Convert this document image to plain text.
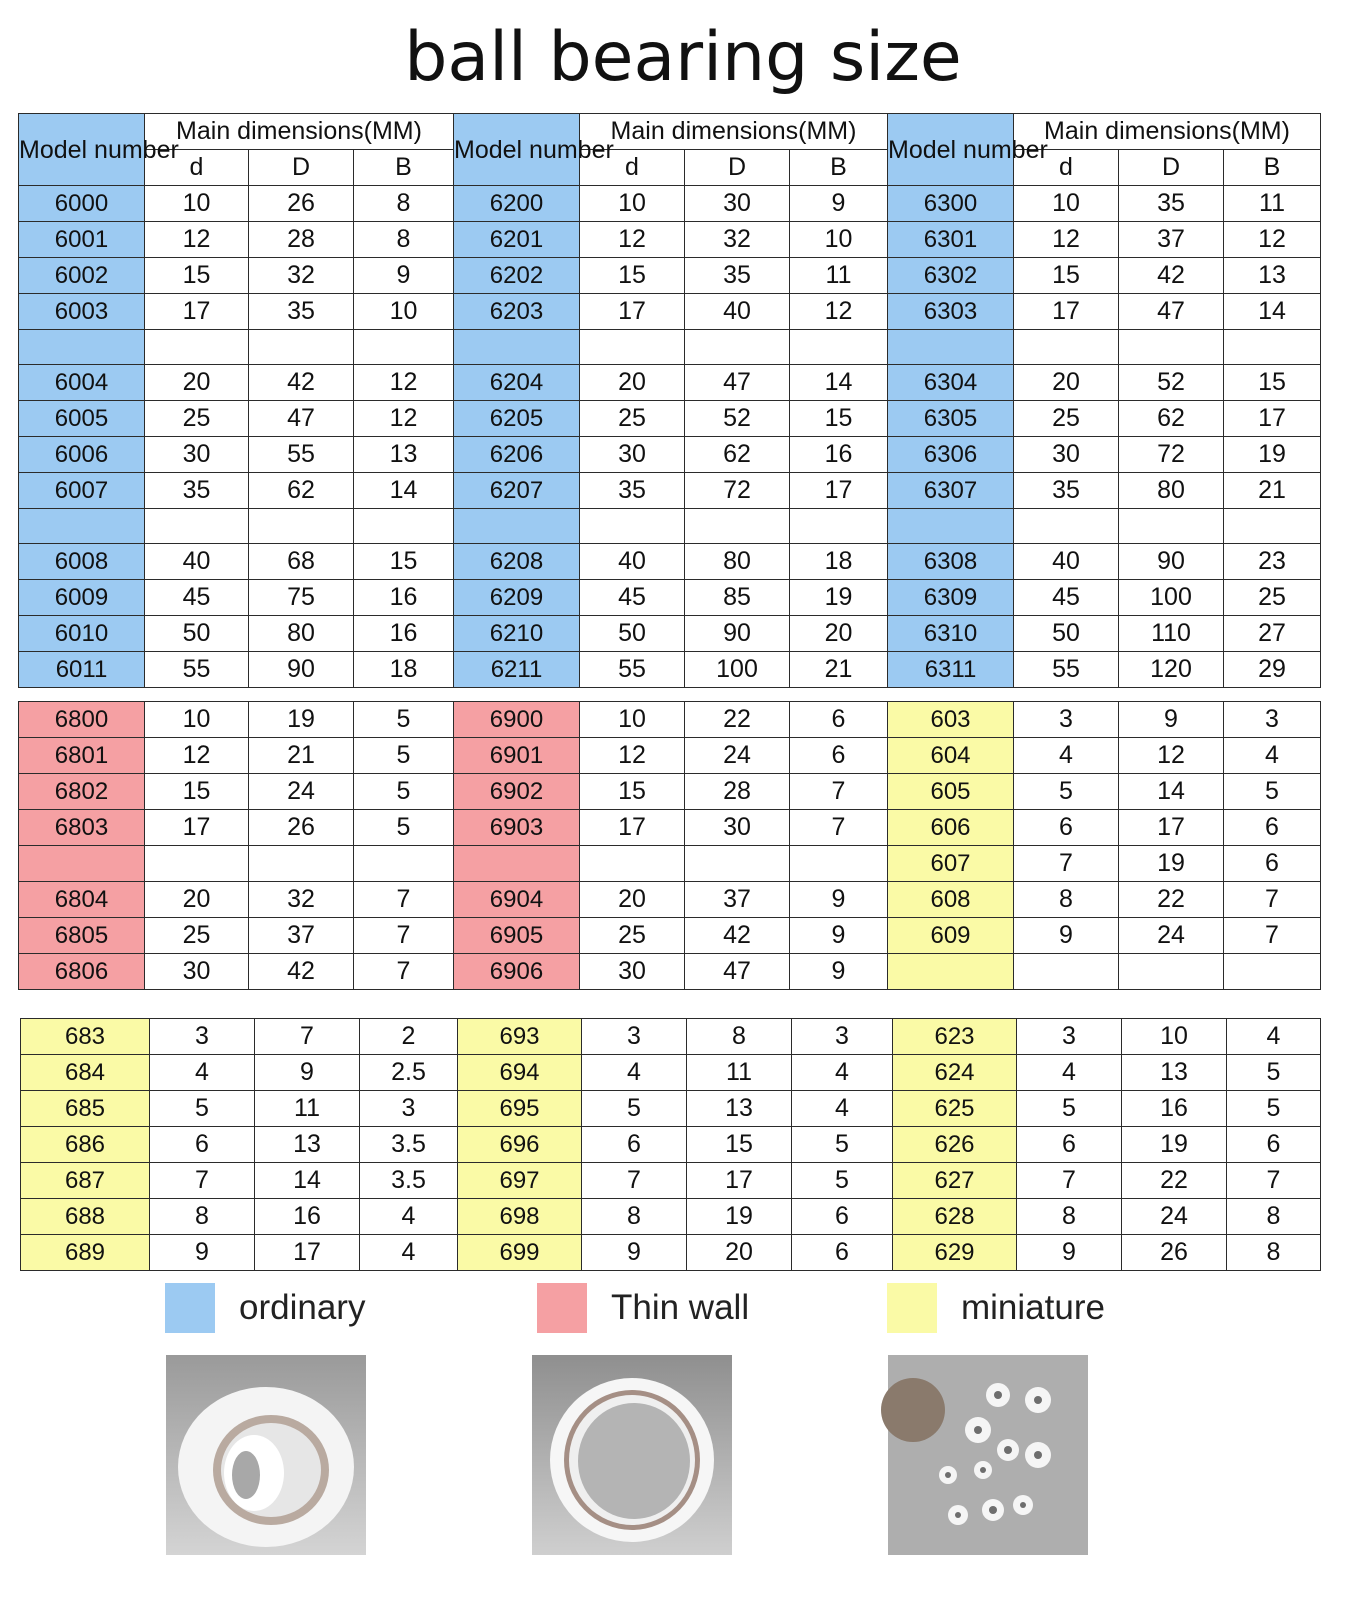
ball bearing size
Model number	Main dimensions(MM)			Model number	Main dimensions(MM)			Model number	Main dimensions(MM)		
	d	D	B		d	D	B		d	D	B
6000	10	26	8	6200	10	30	9	6300	10	35	11
6001	12	28	8	6201	12	32	10	6301	12	37	12
6002	15	32	9	6202	15	35	11	6302	15	42	13
6003	17	35	10	6203	17	40	12	6303	17	47	14

6004	20	42	12	6204	20	47	14	6304	20	52	15
6005	25	47	12	6205	25	52	15	6305	25	62	17
6006	30	55	13	6206	30	62	16	6306	30	72	19
6007	35	62	14	6207	35	72	17	6307	35	80	21

6008	40	68	15	6208	40	80	18	6308	40	90	23
6009	45	75	16	6209	45	85	19	6309	45	100	25
6010	50	80	16	6210	50	90	20	6310	50	110	27
6011	55	90	18	6211	55	100	21	6311	55	120	29
6800	10	19	5	6900	10	22	6	603	3	9	3
6801	12	21	5	6901	12	24	6	604	4	12	4
6802	15	24	5	6902	15	28	7	605	5	14	5
6803	17	26	5	6903	17	30	7	606	6	17	6
								607	7	19	6
6804	20	32	7	6904	20	37	9	608	8	22	7
6805	25	37	7	6905	25	42	9	609	9	24	7
6806	30	42	7	6906	30	47	9				
683	3	7	2	693	3	8	3	623	3	10	4
684	4	9	2.5	694	4	11	4	624	4	13	5
685	5	11	3	695	5	13	4	625	5	16	5
686	6	13	3.5	696	6	15	5	626	6	19	6
687	7	14	3.5	697	7	17	5	627	7	22	7
688	8	16	4	698	8	19	6	628	8	24	8
689	9	17	4	699	9	20	6	629	9	26	8
ordinary	Thin wall	miniature
